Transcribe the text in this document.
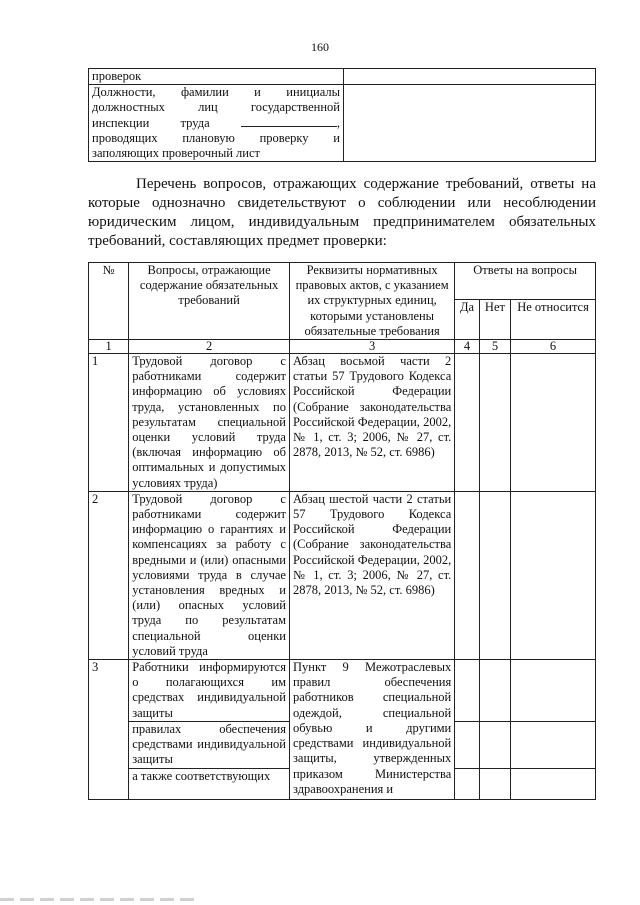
160
проверок	
Должности, фамилии и инициалы должностных лиц государственной инспекции труда , проводящих плановую проверку и заполяющих проверочный лист	

Перечень вопросов, отражающих содержание требований, ответы на которые однозначно свидетельствуют о соблюдении или несоблюдении юридическим лицом, индивидуальным предпринимателем обязательных требований, составляющих предмет проверки:

№	Вопросы, отражающие содержание обязательных требований	Реквизиты нормативных правовых актов, с указанием их структурных единиц, которыми установлены обязательные требования	Ответы на вопросы		
			Да	Нет	Не относится
1	2	3	4	5	6
1	Трудовой договор с работниками содержит информацию об условиях труда, установленных по результатам специальной оценки условий труда (включая информацию об оптимальных и допустимых условиях труда)	Абзац восьмой части 2 статьи 57 Трудового Кодекса Российской Федерации (Собрание законодательства Российской Федерации, 2002, № 1, ст. 3; 2006, № 27, ст. 2878, 2013, № 52, ст. 6986)			
2	Трудовой договор с работниками содержит информацию о гарантиях и компенсациях за работу с вредными и (или) опасными условиями труда в случае установления вредных и (или) опасных условий труда по результатам специальной оценки условий труда	Абзац шестой части 2 статьи 57 Трудового Кодекса Российской Федерации (Собрание законодательства Российской Федерации, 2002, № 1, ст. 3; 2006, № 27, ст. 2878, 2013, № 52, ст. 6986)			
3	Работники информируются о полагающихся им средствах индивидуальной защиты	Пункт 9 Межотраслевых правил обеспечения работников специальной одеждой, специальной обувью и другими средствами индивидуальной защиты, утвержденных приказом Министерства здравоохранения и			
	правилах обеспечения средствами индивидуальной защиты				
	а также соответствующих				
